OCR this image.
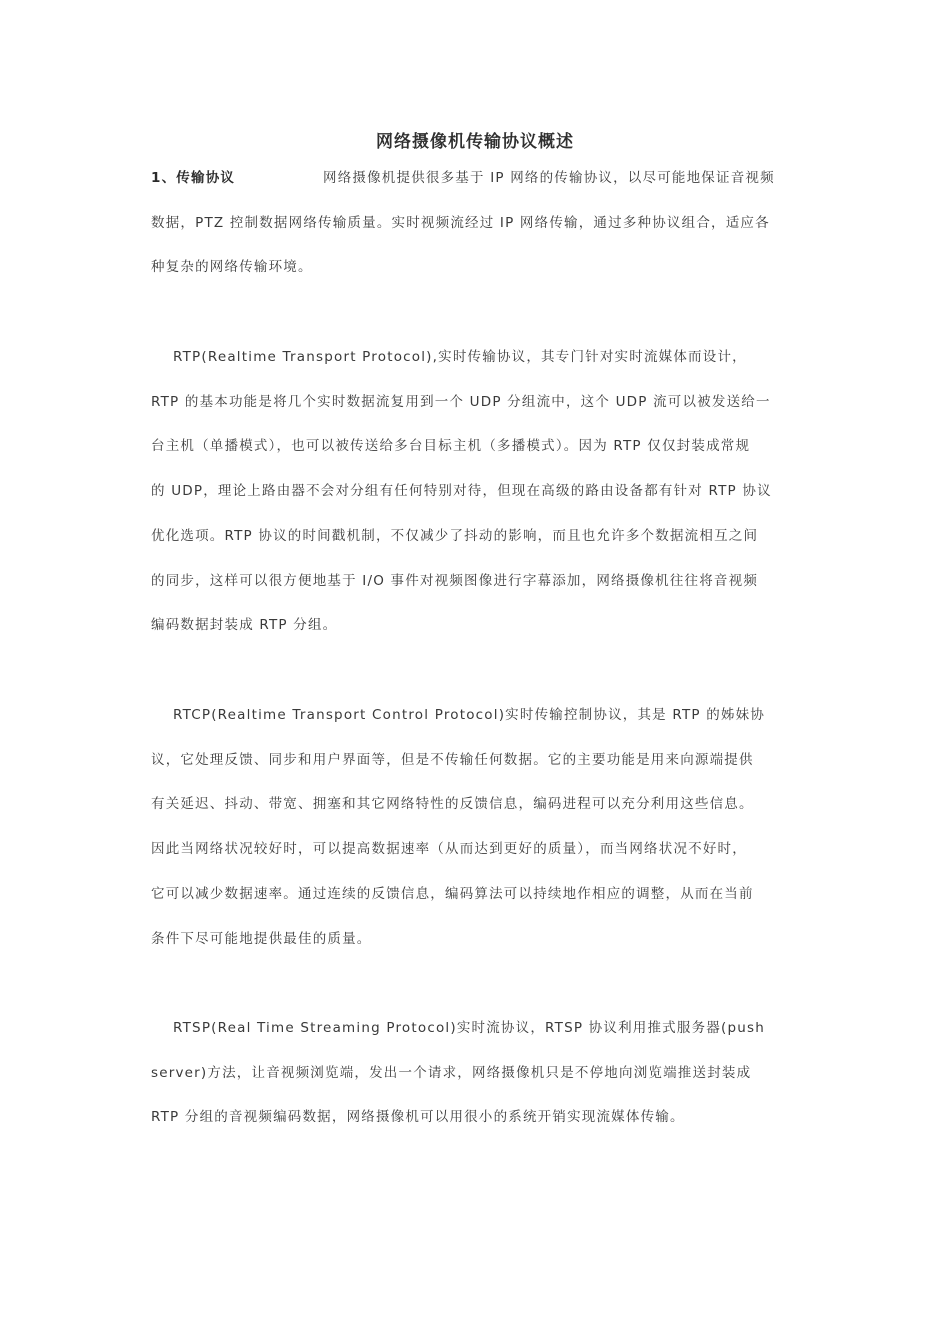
网络摄像机传输协议概述
1、传输协议	网络摄像机提供很多基于 IP 网络的传输协议，以尽可能地保证音视频
数据，PTZ 控制数据网络传输质量。实时视频流经过 IP 网络传输，通过多种协议组合，适应各
种复杂的网络传输环境。
RTP(Realtime Transport Protocol),实时传输协议，其专门针对实时流媒体而设计，
RTP 的基本功能是将几个实时数据流复用到一个 UDP 分组流中，这个 UDP 流可以被发送给一
台主机（单播模式），也可以被传送给多台目标主机（多播模式）。因为 RTP 仅仅封装成常规
的 UDP，理论上路由器不会对分组有任何特别对待，但现在高级的路由设备都有针对 RTP 协议
优化选项。RTP 协议的时间戳机制，不仅减少了抖动的影响，而且也允许多个数据流相互之间
的同步，这样可以很方便地基于 I/O 事件对视频图像进行字幕添加，网络摄像机往往将音视频
编码数据封装成 RTP 分组。
RTCP(Realtime Transport Control Protocol)实时传输控制协议，其是 RTP 的姊妹协
议，它处理反馈、同步和用户界面等，但是不传输任何数据。它的主要功能是用来向源端提供
有关延迟、抖动、带宽、拥塞和其它网络特性的反馈信息，编码进程可以充分利用这些信息。
因此当网络状况较好时，可以提高数据速率（从而达到更好的质量），而当网络状况不好时，
它可以减少数据速率。通过连续的反馈信息，编码算法可以持续地作相应的调整，从而在当前
条件下尽可能地提供最佳的质量。
RTSP(Real Time Streaming Protocol)实时流协议，RTSP 协议利用推式服务器(push
server)方法，让音视频浏览端，发出一个请求，网络摄像机只是不停地向浏览端推送封装成
RTP 分组的音视频编码数据，网络摄像机可以用很小的系统开销实现流媒体传输。
